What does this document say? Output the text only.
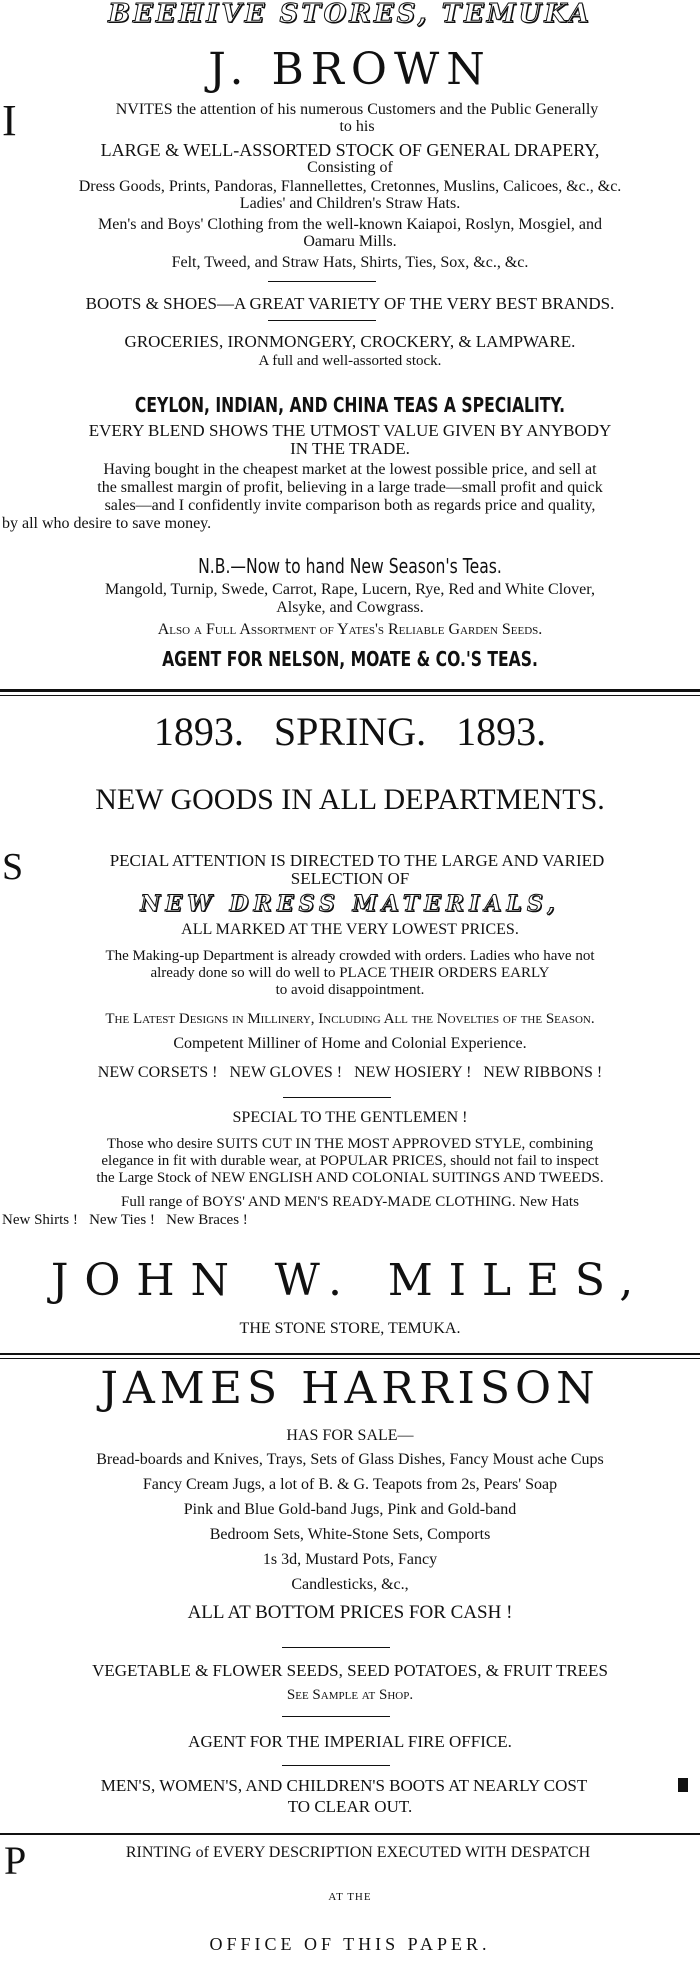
BEEHIVE STORES, TEMUKA
J. BROWN
I	NVITES the attention of his numerous Customers and the Public Generally
to his
LARGE & WELL-ASSORTED STOCK OF GENERAL DRAPERY,
Consisting of
Dress Goods, Prints, Pandoras, Flannellettes, Cretonnes, Muslins, Calicoes, &c., &c.
Ladies' and Children's Straw Hats.
Men's and Boys' Clothing from the well-known Kaiapoi, Roslyn, Mosgiel, and
Oamaru Mills.
Felt, Tweed, and Straw Hats, Shirts, Ties, Sox, &c., &c.
BOOTS & SHOES—A GREAT VARIETY OF THE VERY BEST BRANDS.
GROCERIES, IRONMONGERY, CROCKERY, & LAMPWARE.
A full and well-assorted stock.
CEYLON, INDIAN, AND CHINA TEAS A SPECIALITY.
EVERY BLEND SHOWS THE UTMOST VALUE GIVEN BY ANYBODY
IN THE TRADE.
Having bought in the cheapest market at the lowest possible price, and sell at
the smallest margin of profit, believing in a large trade—small profit and quick
sales—and I confidently invite comparison both as regards price and quality,
by all who desire to save money.
N.B.—Now to hand New Season's Teas.
Mangold, Turnip, Swede, Carrot, Rape, Lucern, Rye, Red and White Clover,
Alsyke, and Cowgrass.
Also a Full Assortment of Yates's Reliable Garden Seeds.
AGENT FOR NELSON, MOATE & CO.'S TEAS.
1893.   SPRING.   1893.
NEW GOODS IN ALL DEPARTMENTS.
S	PECIAL ATTENTION IS DIRECTED TO THE LARGE AND VARIED
SELECTION OF
NEW DRESS MATERIALS,
ALL MARKED AT THE VERY LOWEST PRICES.
The Making-up Department is already crowded with orders. Ladies who have not
already done so will do well to PLACE THEIR ORDERS EARLY
to avoid disappointment.
The Latest Designs in Millinery, Including All the Novelties of the Season.
Competent Milliner of Home and Colonial Experience.
NEW CORSETS !   NEW GLOVES !   NEW HOSIERY !   NEW RIBBONS !
SPECIAL TO THE GENTLEMEN !
Those who desire SUITS CUT IN THE MOST APPROVED STYLE, combining
elegance in fit with durable wear, at POPULAR PRICES, should not fail to inspect
the Large Stock of NEW ENGLISH AND COLONIAL SUITINGS AND TWEEDS.
Full range of BOYS' AND MEN'S READY-MADE CLOTHING. New Hats
New Shirts !   New Ties !   New Braces !
JOHN W. MILES,
THE STONE STORE, TEMUKA.
JAMES HARRISON
HAS FOR SALE—
Bread-boards and Knives, Trays, Sets of Glass Dishes, Fancy Moust ache Cups
Fancy Cream Jugs, a lot of B. & G. Teapots from 2s, Pears' Soap
Pink and Blue Gold-band Jugs, Pink and Gold-band
Bedroom Sets, White-Stone Sets, Comports
1s 3d, Mustard Pots, Fancy
Candlesticks, &c.,
ALL AT BOTTOM PRICES FOR CASH !
VEGETABLE & FLOWER SEEDS, SEED POTATOES, & FRUIT TREES
See Sample at Shop.
AGENT FOR THE IMPERIAL FIRE OFFICE.
MEN'S, WOMEN'S, AND CHILDREN'S BOOTS AT NEARLY COST
TO CLEAR OUT.
P	RINTING of EVERY DESCRIPTION EXECUTED WITH DESPATCH
AT THE
OFFICE OF THIS PAPER.
